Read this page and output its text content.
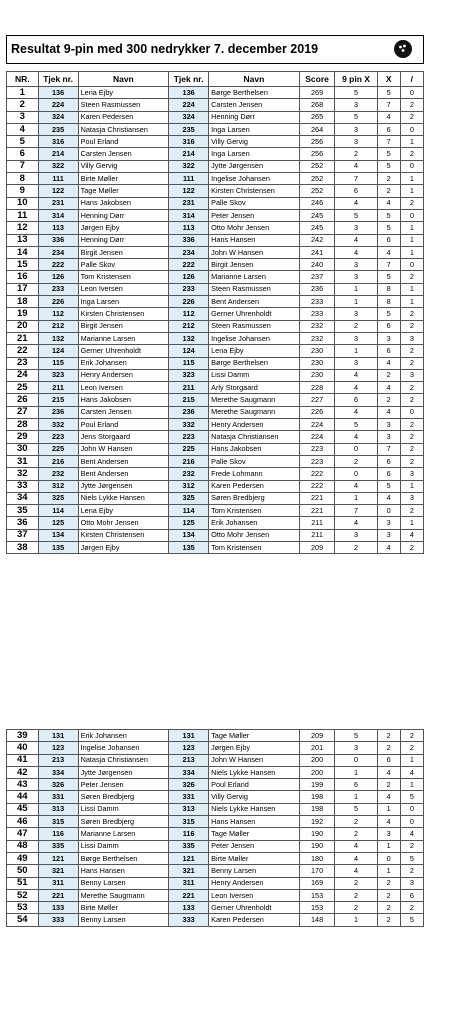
Resultat 9-pin med 300 nedrykker 7. december 2019
NR.	Tjek nr.	Navn	Tjek nr.	Navn	Score	9 pin X	X	/
1	136	Lena Ejby	136	Børge Berthelsen	269	5	5	0
2	224	Steen Rasmussen	224	Carsten Jensen	268	3	7	2
3	324	Karen Pedersen	324	Henning Dørr	265	5	4	2
4	235	Natasja Christiansen	235	Inga Larsen	264	3	6	0
5	316	Poul Erland	316	Villy Gervig	256	3	7	1
6	214	Carsten Jensen	214	Inga Larsen	256	2	5	2
7	322	Villy Gervig	322	Jytte Jørgensen	252	4	5	0
8	111	Birte Møller	111	Ingelise Johansen	252	7	2	1
9	122	Tage Møller	122	Kirsten Christensen	252	6	2	1
10	231	Hans Jakobsen	231	Palle Skov	246	4	4	2
11	314	Henning Dørr	314	Peter Jensen	245	5	5	0
12	113	Jørgen Ejby	113	Otto Mohr Jensen	245	3	5	1
13	336	Henning Dørr	336	Hans Hansen	242	4	6	1
14	234	Birgit Jensen	234	John W Hansen	241	4	4	1
15	222	Palle Skov	222	Birgit Jensen	240	3	7	0
16	126	Tom Kristensen	126	Marianne Larsen	237	3	5	2
17	233	Leon Iversen	233	Steen Rasmussen	236	1	8	1
18	226	Inga Larsen	226	Bent Andersen	233	1	8	1
19	112	Kirsten Christensen	112	Gerner Uhrenholdt	233	3	5	2
20	212	Birgit Jensen	212	Steen Rasmussen	232	2	6	2
21	132	Marianne Larsen	132	Ingelise Johansen	232	3	3	3
22	124	Gerner Uhrenholdt	124	Lena Ejby	230	1	6	2
23	115	Erik Johansen	115	Børge Berthelsen	230	3	4	2
24	323	Henry Andersen	323	Lissi Damm	230	4	2	3
25	211	Leon Iversen	211	Arly Storgaard	228	4	4	2
26	215	Hans Jakobsen	215	Merethe Saugmann	227	6	2	2
27	236	Carsten Jensen	236	Merethe Saugmann	226	4	4	0
28	332	Poul Erland	332	Henry Andersen	224	5	3	2
29	223	Jens Storgaard	223	Natasja Christiansen	224	4	3	2
30	225	John W Hansen	225	Hans Jakobsen	223	0	7	2
31	216	Bent Andersen	216	Palle Skov	223	2	6	2
32	232	Bent Andersen	232	Frede Lohmann	222	0	6	3
33	312	Jytte Jørgensen	312	Karen Pedersen	222	4	5	1
34	325	Niels Lykke Hansen	325	Søren Bredbjerg	221	1	4	3
35	114	Lena Ejby	114	Tom Kristensen	221	7	0	2
36	125	Otto Mohr Jensen	125	Erik Johansen	211	4	3	1
37	134	Kirsten Christensen	134	Otto Mohr Jensen	211	3	3	4
38	135	Jørgen Ejby	135	Tom Kristensen	209	2	4	2
39	131	Erik Johansen	131	Tage Møller	209	5	2	2
40	123	Ingelise Johansen	123	Jørgen Ejby	201	3	2	2
41	213	Natasja Christiansen	213	John W Hansen	200	0	6	1
42	334	Jytte Jørgensen	334	Niels Lykke Hansen	200	1	4	4
43	326	Peter Jensen	326	Poul Erland	199	6	2	1
44	331	Søren Bredbjerg	331	Villy Gervig	198	1	4	5
45	313	Lissi Damm	313	Niels Lykke Hansen	198	5	1	0
46	315	Søren Bredbjerg	315	Hans Hansen	192	2	4	0
47	116	Marianne Larsen	116	Tage Møller	190	2	3	4
48	335	Lissi Damm	335	Peter Jensen	190	4	1	2
49	121	Børge Berthelsen	121	Birte Møller	180	4	0	5
50	321	Hans Hansen	321	Benny Larsen	170	4	1	2
51	311	Benny Larsen	311	Henry Andersen	169	2	2	3
52	221	Merethe Saugmann	221	Leon Iversen	153	2	2	6
53	133	Birte Møller	133	Gerner Uhrenholdt	153	2	2	2
54	333	Benny Larsen	333	Karen Pedersen	148	1	2	5
